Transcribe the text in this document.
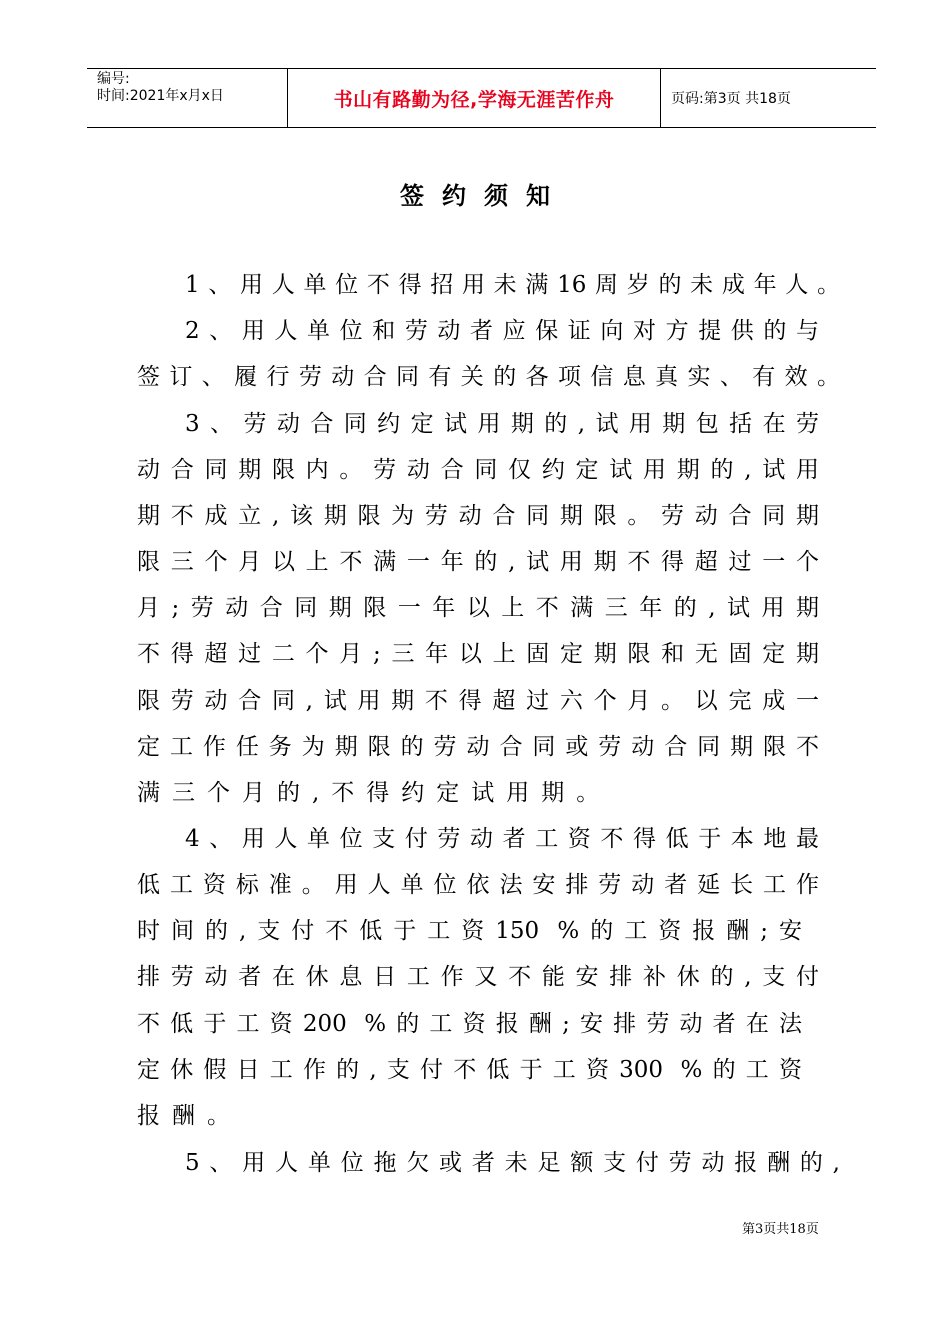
编号:
时间:2021年x月x日	书山有路勤为径,学海无涯苦作舟	页码:第3页 共18页
签约须知
1、用人单位不得招用未满16周岁的未成年人。
2、用人单位和劳动者应保证向对方提供的与
签订、履行劳动合同有关的各项信息真实、有效。
3、劳动合同约定试用期的,试用期包括在劳
动合同期限内。劳动合同仅约定试用期的,试用
期不成立,该期限为劳动合同期限。劳动合同期
限三个月以上不满一年的,试用期不得超过一个
月;劳动合同期限一年以上不满三年的,试用期
不得超过二个月;三年以上固定期限和无固定期
限劳动合同,试用期不得超过六个月。以完成一
定工作任务为期限的劳动合同或劳动合同期限不
满三个月的,不得约定试用期。
4、用人单位支付劳动者工资不得低于本地最
低工资标准。用人单位依法安排劳动者延长工作
时间的,支付不低于工资150 %的工资报酬;安
排劳动者在休息日工作又不能安排补休的,支付
不低于工资200 %的工资报酬;安排劳动者在法
定休假日工作的,支付不低于工资300 %的工资
报酬。
5、用人单位拖欠或者未足额支付劳动报酬的,
第3页共18页
